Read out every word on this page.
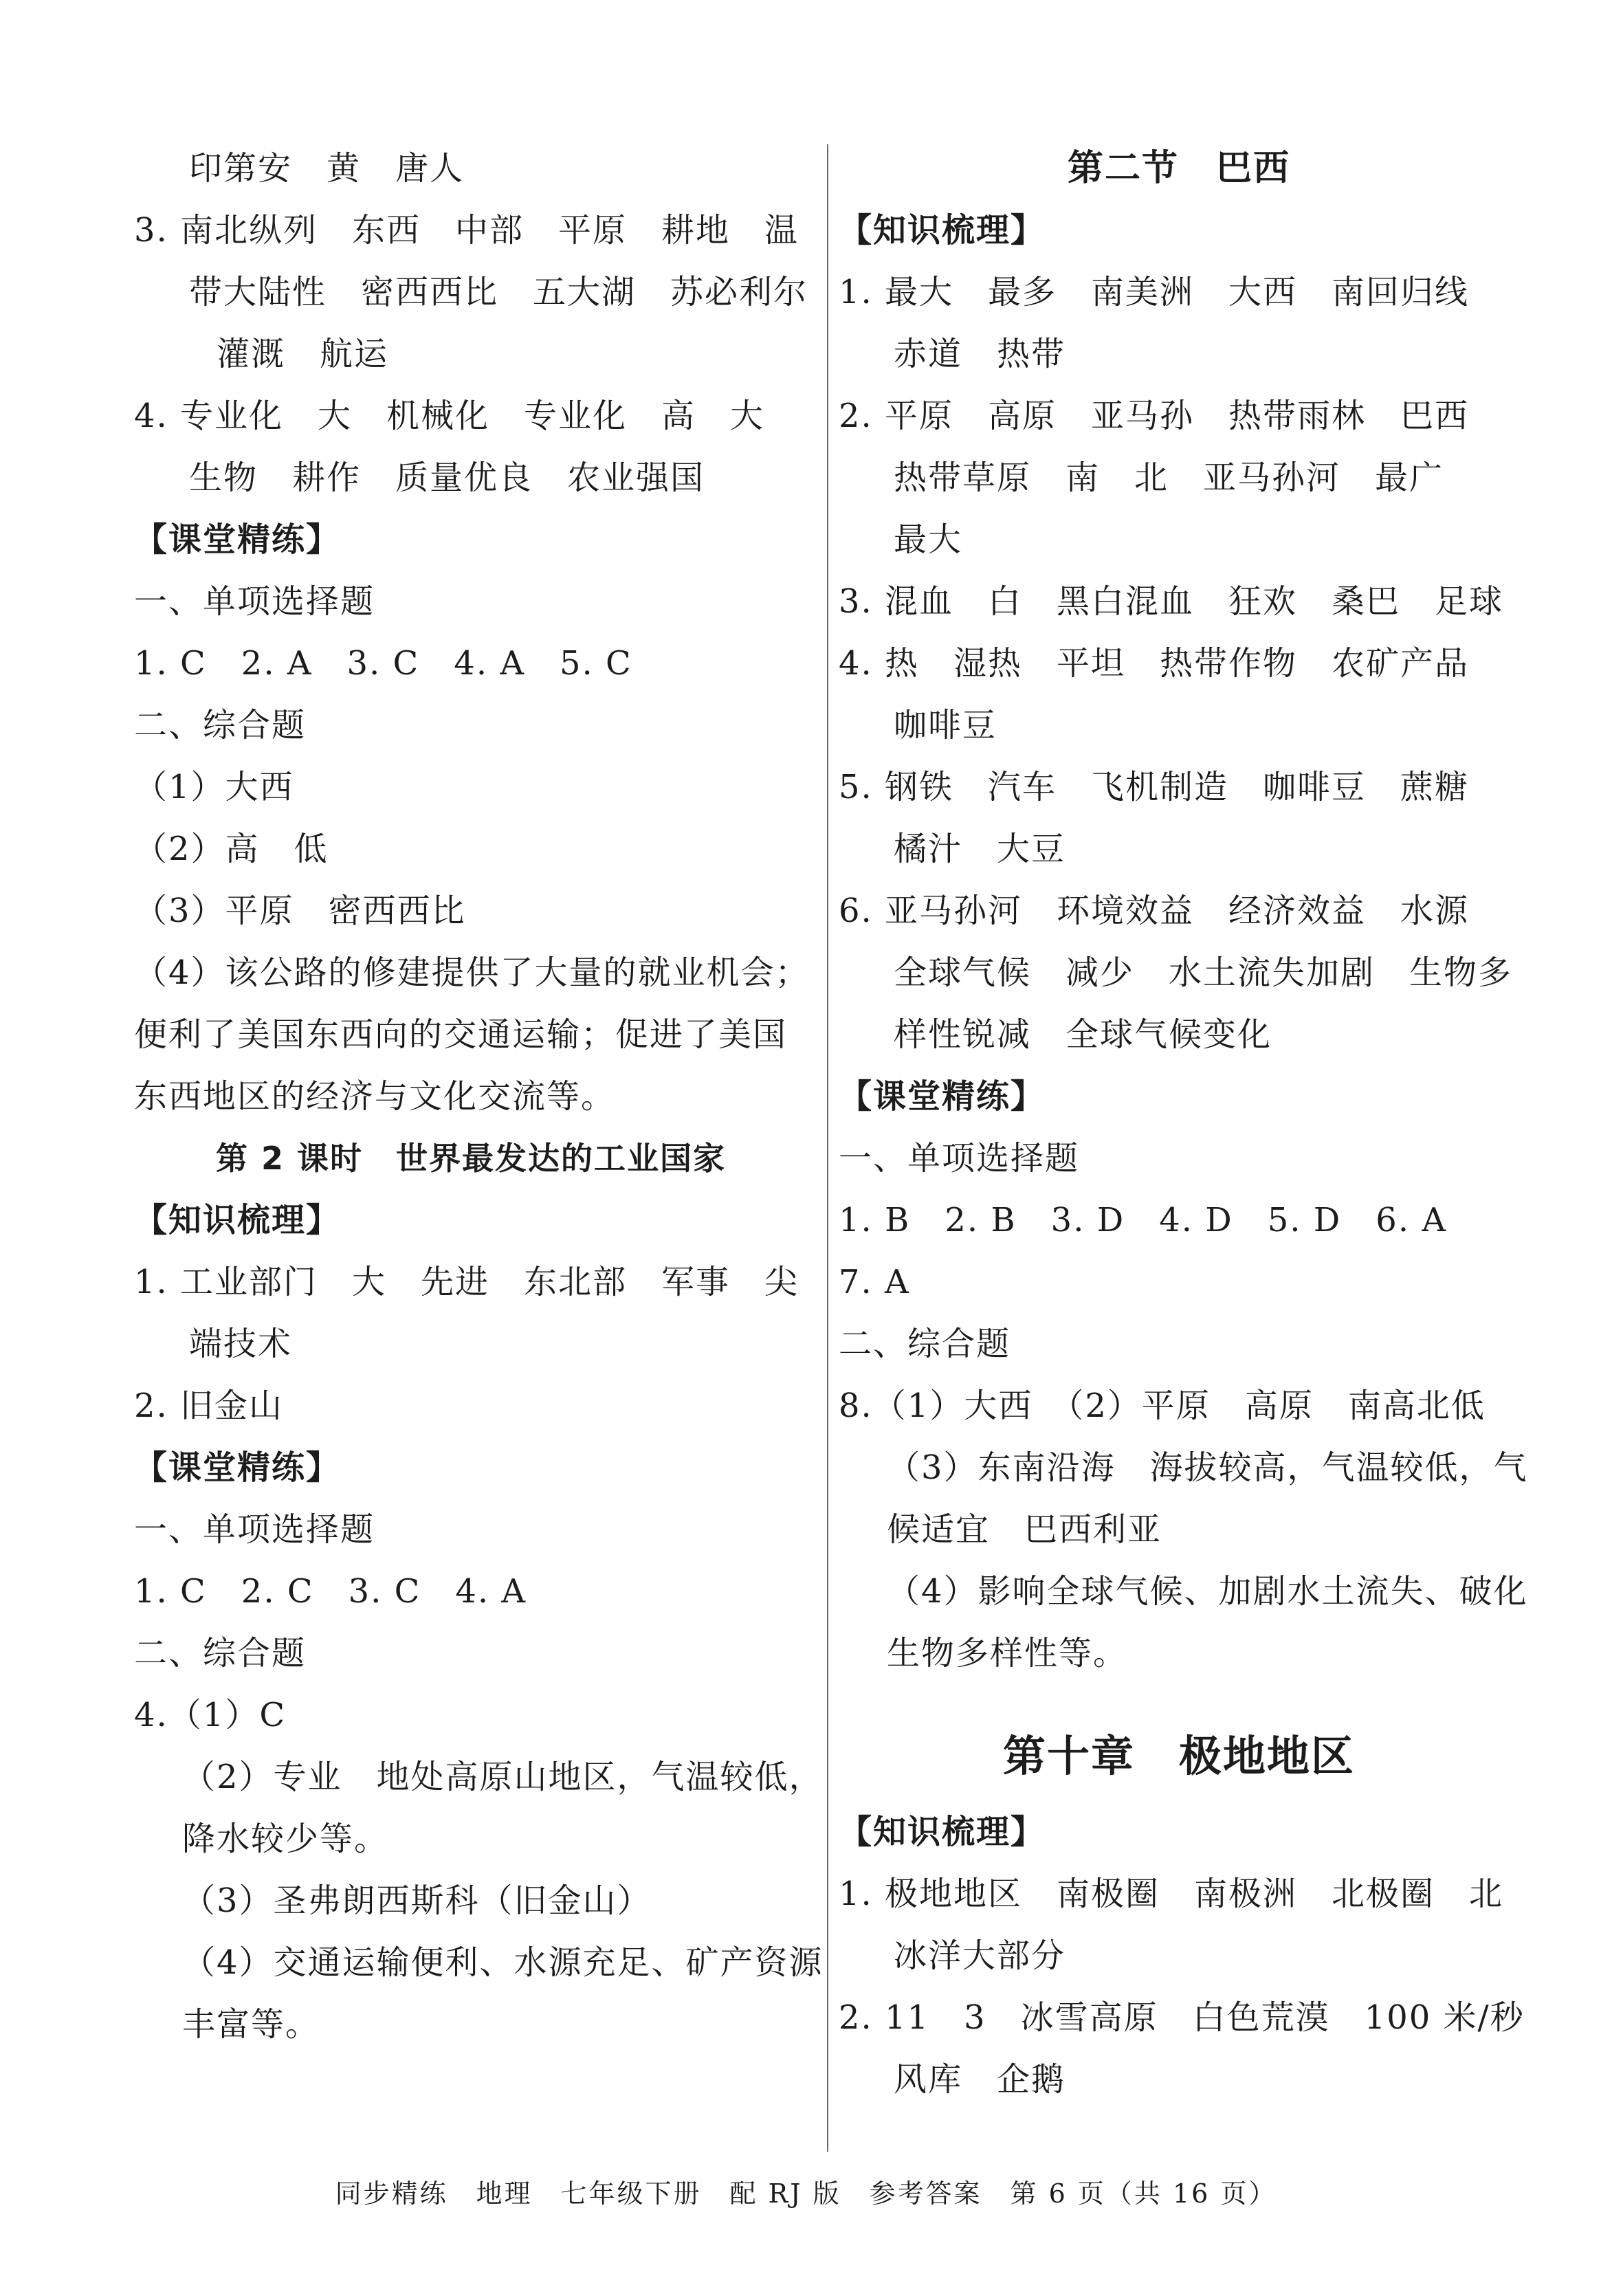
印第安　黄　唐人
3. 南北纵列　东西　中部　平原　耕地　温
带大陆性　密西西比　五大湖　苏必利尔
灌溉　航运
4. 专业化　大　机械化　专业化　高　大
生物　耕作　质量优良　农业强国
【课堂精练】
一、单项选择题
1. C　2. A　3. C　4. A　5. C
二、综合题
（1）大西
（2）高　低
（3）平原　密西西比
（4）该公路的修建提供了大量的就业机会；
便利了美国东西向的交通运输；促进了美国
东西地区的经济与文化交流等。
第 2 课时　世界最发达的工业国家
【知识梳理】
1. 工业部门　大　先进　东北部　军事　尖
端技术
2. 旧金山
【课堂精练】
一、单项选择题
1. C　2. C　3. C　4. A
二、综合题
4.（1）C
（2）专业　地处高原山地区，气温较低，
降水较少等。
（3）圣弗朗西斯科（旧金山）
（4）交通运输便利、水源充足、矿产资源
丰富等。
第二节　巴西
【知识梳理】
1. 最大　最多　南美洲　大西　南回归线
赤道　热带
2. 平原　高原　亚马孙　热带雨林　巴西
热带草原　南　北　亚马孙河　最广
最大
3. 混血　白　黑白混血　狂欢　桑巴　足球
4. 热　湿热　平坦　热带作物　农矿产品
咖啡豆
5. 钢铁　汽车　飞机制造　咖啡豆　蔗糖
橘汁　大豆
6. 亚马孙河　环境效益　经济效益　水源
全球气候　减少　水土流失加剧　生物多
样性锐减　全球气候变化
【课堂精练】
一、单项选择题
1. B　2. B　3. D　4. D　5. D　6. A
7. A
二、综合题
8.（1）大西　（2）平原　高原　南高北低
（3）东南沿海　海拔较高，气温较低，气
候适宜　巴西利亚
（4）影响全球气候、加剧水土流失、破化
生物多样性等。
第十章　极地地区
【知识梳理】
1. 极地地区　南极圈　南极洲　北极圈　北
冰洋大部分
2. 11　3　冰雪高原　白色荒漠　100 米/秒
风库　企鹅
同步精练　地理　七年级下册　配 RJ 版　参考答案　第 6 页（共 16 页）
